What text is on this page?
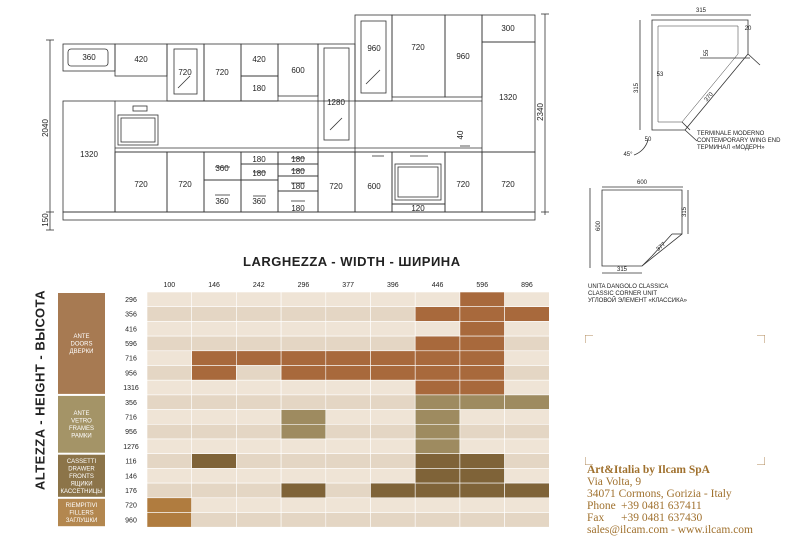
360	420
720	720
420
180
600
1280
960	720
960
300
1320
1320
720	720
360
360	360
180
180
180
180
720	600
120
720	720
180
180
40
2040
150
2340
315
20
55
53
315
370
50
45°
TERMINALE MODERNO
CONTEMPORARY WING END
ТЕРМИНАЛ «МОДЕРН»
600
600
315
315
377
UNITA DANGOLO CLASSICA
CLASSIC CORNER UNIT
УГЛОВОЙ ЭЛЕМЕНТ «КЛАССИКА»
LARGHEZZA - WIDTH - ШИРИНА
ALTEZZA - HEIGHT - ВЫСОТА
100	146	242	296	377	396	446	596	896
ANTE
DOORS
ДВЕРКИ
296
356
416
596
716
956
1316
ANTE
VETRO
FRAMES
РАМКИ
356
716
956
1276
CASSETTI
DRAWER
FRONTS
ЯЩИКИ
КАССЕТНИЦЫ
116
146
176
RIEMPITIVI
FILLERS
ЗАГЛУШКИ
720
960
Art&Italia by Ilcam SpA
Via Volta, 9
34071 Cormons, Gorizia - Italy
Phone +39 0481 637411
Fax +39 0481 637430
sales@ilcam.com - www.ilcam.com
